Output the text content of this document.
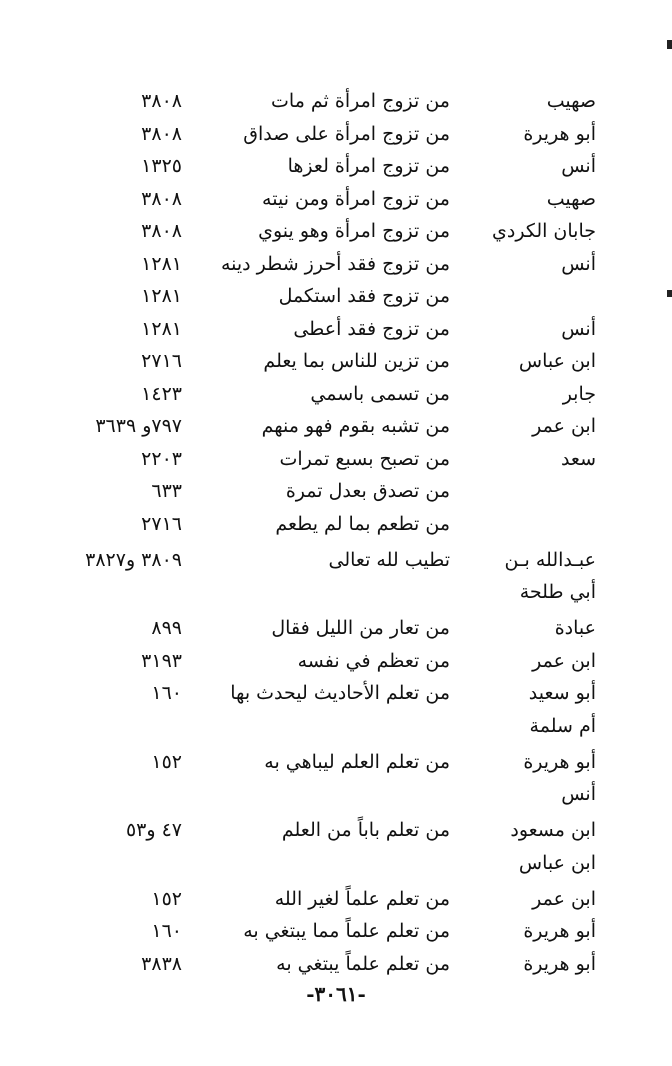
صهيب
من تزوج امرأة ثم مات
٣٨٠٨
أبو هريرة
من تزوج امرأة على صداق
٣٨٠٨
أنس
من تزوج امرأة لعزها
١٣٢٥
صهيب
من تزوج امرأة ومن نيته
٣٨٠٨
جابان الكردي
من تزوج امرأة وهو ينوي
٣٨٠٨
أنس
من تزوج فقد أحرز شطر دينه
١٢٨١
من تزوج فقد استكمل
١٢٨١
أنس
من تزوج فقد أعطى
١٢٨١
ابن عباس
من تزين للناس بما يعلم
٢٧١٦
جابر
من تسمى باسمي
١٤٢٣
ابن عمر
من تشبه بقوم فهو منهم
٧٩٧و ٣٦٣٩
سعد
من تصبح بسبع تمرات
٢٢٠٣
من تصدق بعدل تمرة
٦٣٣
من تطعم بما لم يطعم
٢٧١٦
عبـدالله بـن
تطيب لله تعالى
٣٨٠٩ و٣٨٢٧
أبي طلحة
عبادة
من تعار من الليل فقال
٨٩٩
ابن عمر
من تعظم في نفسه
٣١٩٣
أبو سعيد
من تعلم الأحاديث ليحدث بها
١٦٠
أم سلمة
أبو هريرة
من تعلم العلم ليباهي به
١٥٢
أنس
ابن مسعود
من تعلم باباً من العلم
٤٧ و٥٣
ابن عباس
ابن عمر
من تعلم علماً لغير الله
١٥٢
أبو هريرة
من تعلم علماً مما يبتغي به
١٦٠
أبو هريرة
من تعلم علماً يبتغي به
٣٨٣٨
-٣٠٦١-
